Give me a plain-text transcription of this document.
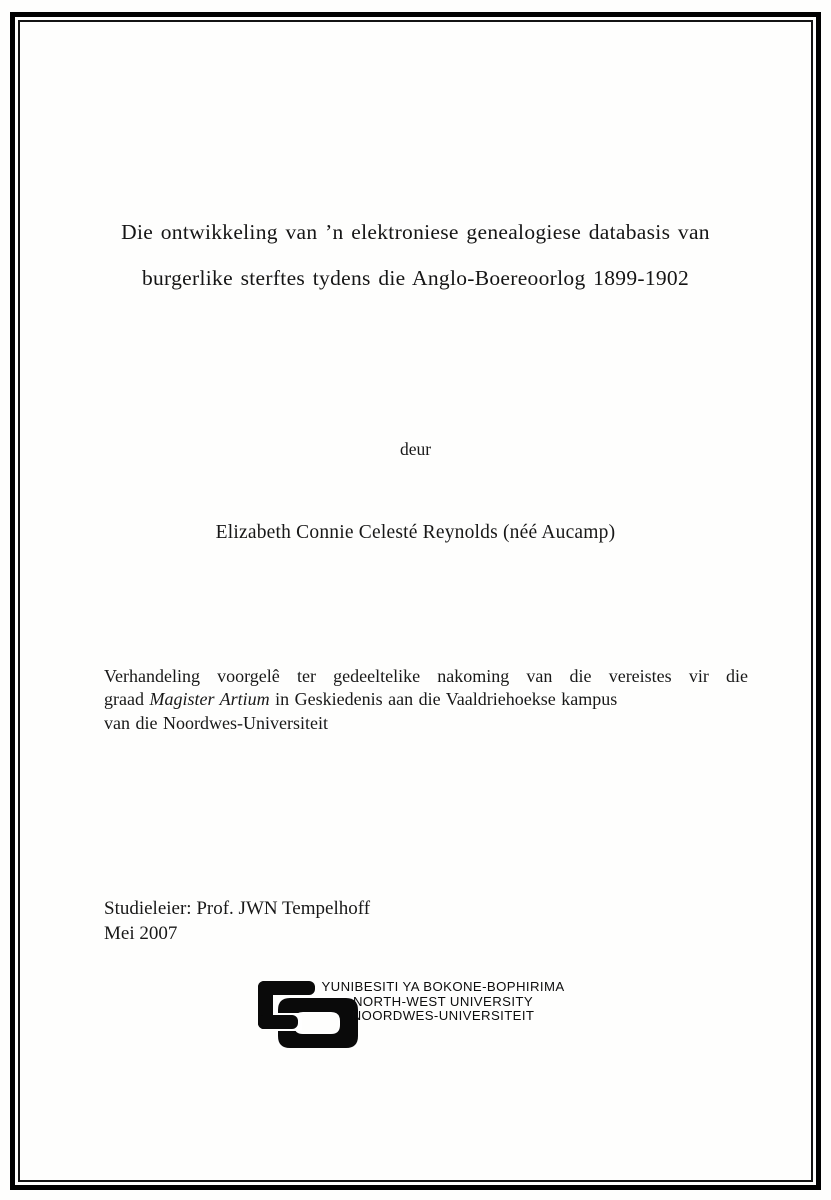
Die ontwikkeling van ’n elektroniese genealogiese databasis van
burgerlike sterftes tydens die Anglo-Boereoorlog 1899-1902
deur
Elizabeth Connie Celesté Reynolds (néé Aucamp)
Verhandeling voorgelê ter gedeeltelike nakoming van die vereistes vir die
graad Magister Artium in Geskiedenis aan die Vaaldriehoekse kampus
van die Noordwes-Universiteit
Studieleier: Prof. JWN Tempelhoff
Mei 2007
YUNIBESITI YA BOKONE-BOPHIRIMA
NORTH-WEST UNIVERSITY
NOORDWES-UNIVERSITEIT
